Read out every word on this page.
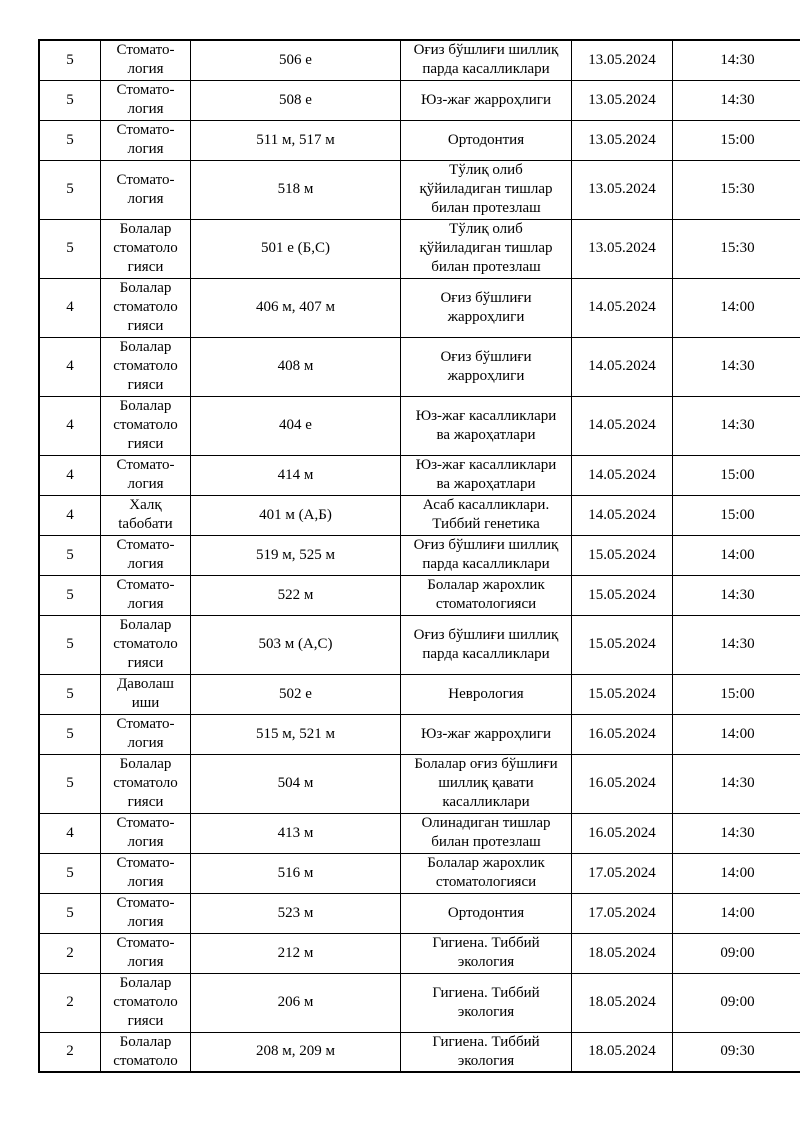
5	Стомато-
логия	506 е	Оғиз бўшлиғи шиллиқ
парда касалликлари	13.05.2024	14:30

5	Стомато-
логия	508 е	Юз-жағ жарроҳлиги	13.05.2024	14:30

5	Стомато-
логия	511 м, 517 м	Ортодонтия	13.05.2024	15:00

5	Стомато-
логия	518 м	Тўлиқ олиб
қўйиладиган тишлар
билан протезлаш	13.05.2024	15:30

5	Болалар
стоматоло
гияси	501 е (Б,С)	Тўлиқ олиб
қўйиладиган тишлар
билан протезлаш	13.05.2024	15:30

4	Болалар
стоматоло
гияси	406 м, 407 м	Оғиз бўшлиғи
жарроҳлиги	14.05.2024	14:00

4	Болалар
стоматоло
гияси	408 м	Оғиз бўшлиғи
жарроҳлиги	14.05.2024	14:30

4	Болалар
стоматоло
гияси	404 е	Юз-жағ касалликлари
ва жароҳатлари	14.05.2024	14:30

4	Стомато-
логия	414 м	Юз-жағ касалликлари
ва жароҳатлари	14.05.2024	15:00

4	Халқ
tабобати	401 м (А,Б)	Асаб касалликлари.
Тиббий генетика	14.05.2024	15:00

5	Стомато-
логия	519 м, 525 м	Оғиз бўшлиғи шиллиқ
парда касалликлари	15.05.2024	14:00

5	Стомато-
логия	522 м	Болалар жарохлик
стоматологияси	15.05.2024	14:30

5	Болалар
стоматоло
гияси	503 м (А,С)	Оғиз бўшлиғи шиллиқ
парда касалликлари	15.05.2024	14:30

5	Даволаш
иши	502 е	Неврология	15.05.2024	15:00

5	Стомато-
логия	515 м, 521 м	Юз-жағ жарроҳлиги	16.05.2024	14:00

5	Болалар
стоматоло
гияси	504 м	Болалар оғиз бўшлиғи
шиллиқ қавати
касалликлари	16.05.2024	14:30

4	Стомато-
логия	413 м	Олинадиган тишлар
билан протезлаш	16.05.2024	14:30

5	Стомато-
логия	516 м	Болалар жарохлик
стоматологияси	17.05.2024	14:00

5	Стомато-
логия	523 м	Ортодонтия	17.05.2024	14:00

2	Стомато-
логия	212 м	Гигиена. Тиббий
экология	18.05.2024	09:00

2	Болалар
стоматоло
гияси	206 м	Гигиена. Тиббий
экология	18.05.2024	09:00

2	Болалар
стоматоло	208 м, 209 м	Гигиена. Тиббий
экология	18.05.2024	09:30
